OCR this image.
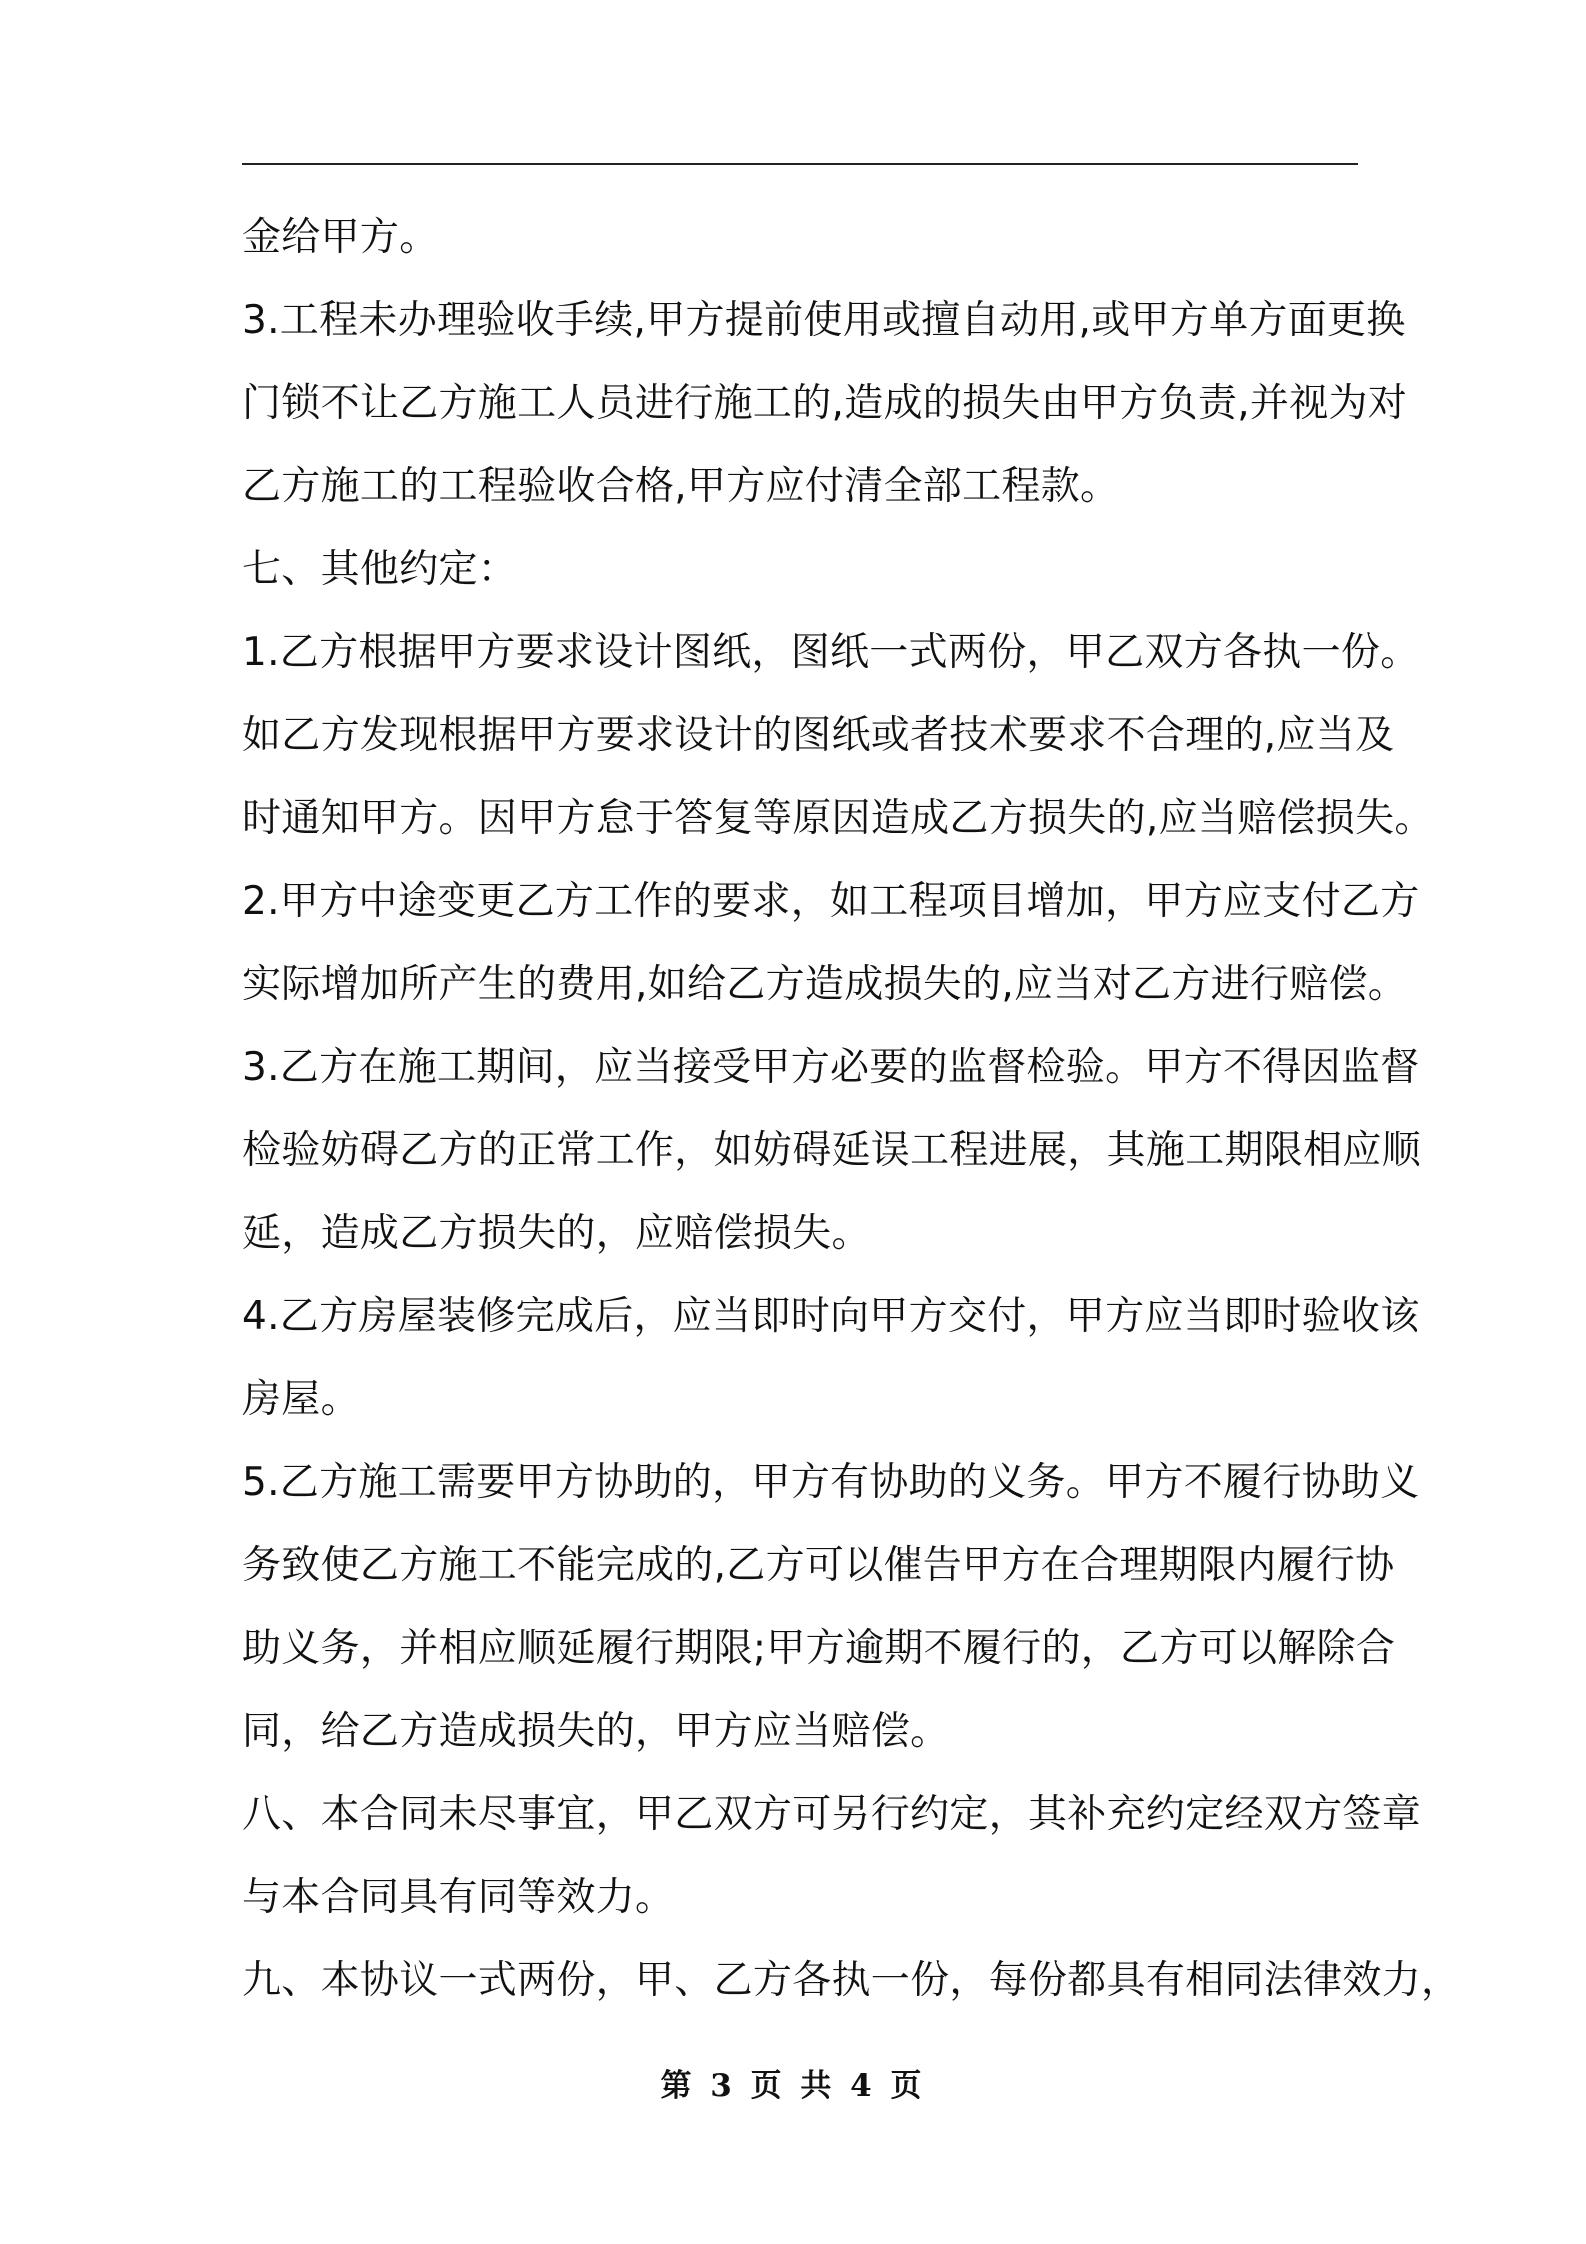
金给甲方。
3.工程未办理验收手续,甲方提前使用或擅自动用,或甲方单方面更换
门锁不让乙方施工人员进行施工的,造成的损失由甲方负责,并视为对
乙方施工的工程验收合格,甲方应付清全部工程款。
七、其他约定：
1.乙方根据甲方要求设计图纸，图纸一式两份，甲乙双方各执一份。
如乙方发现根据甲方要求设计的图纸或者技术要求不合理的,应当及
时通知甲方。因甲方怠于答复等原因造成乙方损失的,应当赔偿损失。
2.甲方中途变更乙方工作的要求，如工程项目增加，甲方应支付乙方
实际增加所产生的费用,如给乙方造成损失的,应当对乙方进行赔偿。
3.乙方在施工期间，应当接受甲方必要的监督检验。甲方不得因监督
检验妨碍乙方的正常工作，如妨碍延误工程进展，其施工期限相应顺
延，造成乙方损失的，应赔偿损失。
4.乙方房屋装修完成后，应当即时向甲方交付，甲方应当即时验收该
房屋。
5.乙方施工需要甲方协助的，甲方有协助的义务。甲方不履行协助义
务致使乙方施工不能完成的,乙方可以催告甲方在合理期限内履行协
助义务，并相应顺延履行期限;甲方逾期不履行的，乙方可以解除合
同，给乙方造成损失的，甲方应当赔偿。
八、本合同未尽事宜，甲乙双方可另行约定，其补充约定经双方签章
与本合同具有同等效力。
九、本协议一式两份，甲、乙方各执一份，每份都具有相同法律效力，
第 3 页 共 4 页
